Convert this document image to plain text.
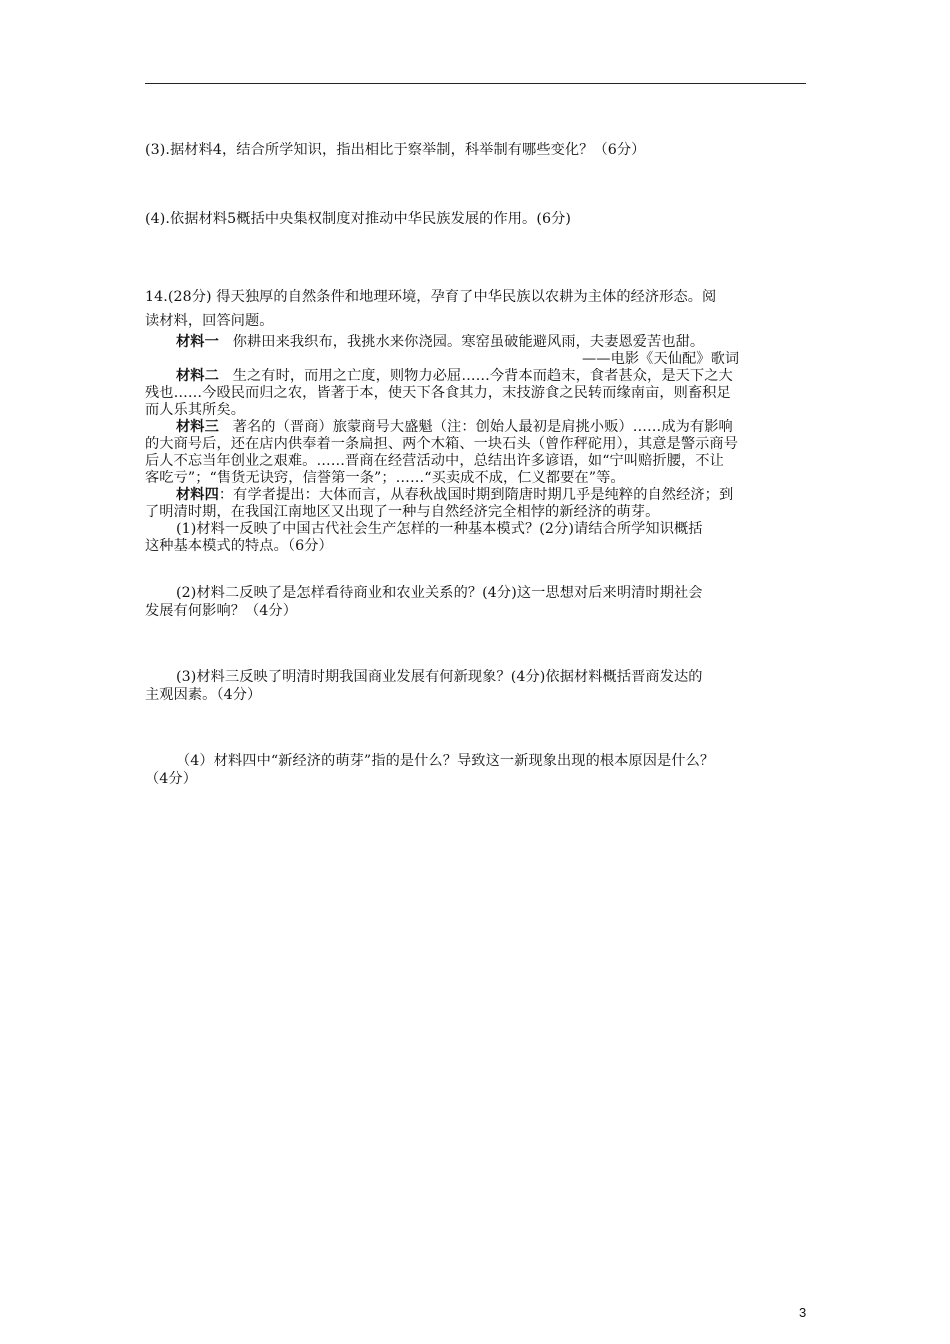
(3).据材料4，结合所学知识，指出相比于察举制，科举制有哪些变化？（6分）
(4).依据材料5概括中央集权制度对推动中华民族发展的作用。(6分)
14.(28分) 得天独厚的自然条件和地理环境，孕育了中华民族以农耕为主体的经济形态。阅
读材料，回答问题。
材料一 你耕田来我织布，我挑水来你浇园。寒窑虽破能避风雨，夫妻恩爱苦也甜。
——电影《天仙配》歌词
材料二 生之有时，而用之亡度，则物力必屈……今背本而趋末，食者甚众，是天下之大
残也……今殴民而归之农，皆著于本，使天下各食其力，末技游食之民转而缘南亩，则畜积足
而人乐其所矣。
材料三 著名的（晋商）旅蒙商号大盛魁（注：创始人最初是肩挑小贩）……成为有影响
的大商号后，还在店内供奉着一条扁担、两个木箱、一块石头（曾作秤砣用），其意是警示商号
后人不忘当年创业之艰难。……晋商在经营活动中，总结出许多谚语，如“宁叫赔折腰，不让
客吃亏”；“售货无诀窍，信誉第一条”；……“买卖成不成，仁义都要在”等。
材料四：有学者提出：大体而言，从春秋战国时期到隋唐时期几乎是纯粹的自然经济；到
了明清时期，在我国江南地区又出现了一种与自然经济完全相悖的新经济的萌芽。
(1)材料一反映了中国古代社会生产怎样的一种基本模式？(2分)请结合所学知识概括
这种基本模式的特点。（6分）
(2)材料二反映了是怎样看待商业和农业关系的？(4分)这一思想对后来明清时期社会
发展有何影响？（4分）
(3)材料三反映了明清时期我国商业发展有何新现象？(4分)依据材料概括晋商发达的
主观因素。（4分）
（4）材料四中“新经济的萌芽”指的是什么？导致这一新现象出现的根本原因是什么？
（4分）
3
